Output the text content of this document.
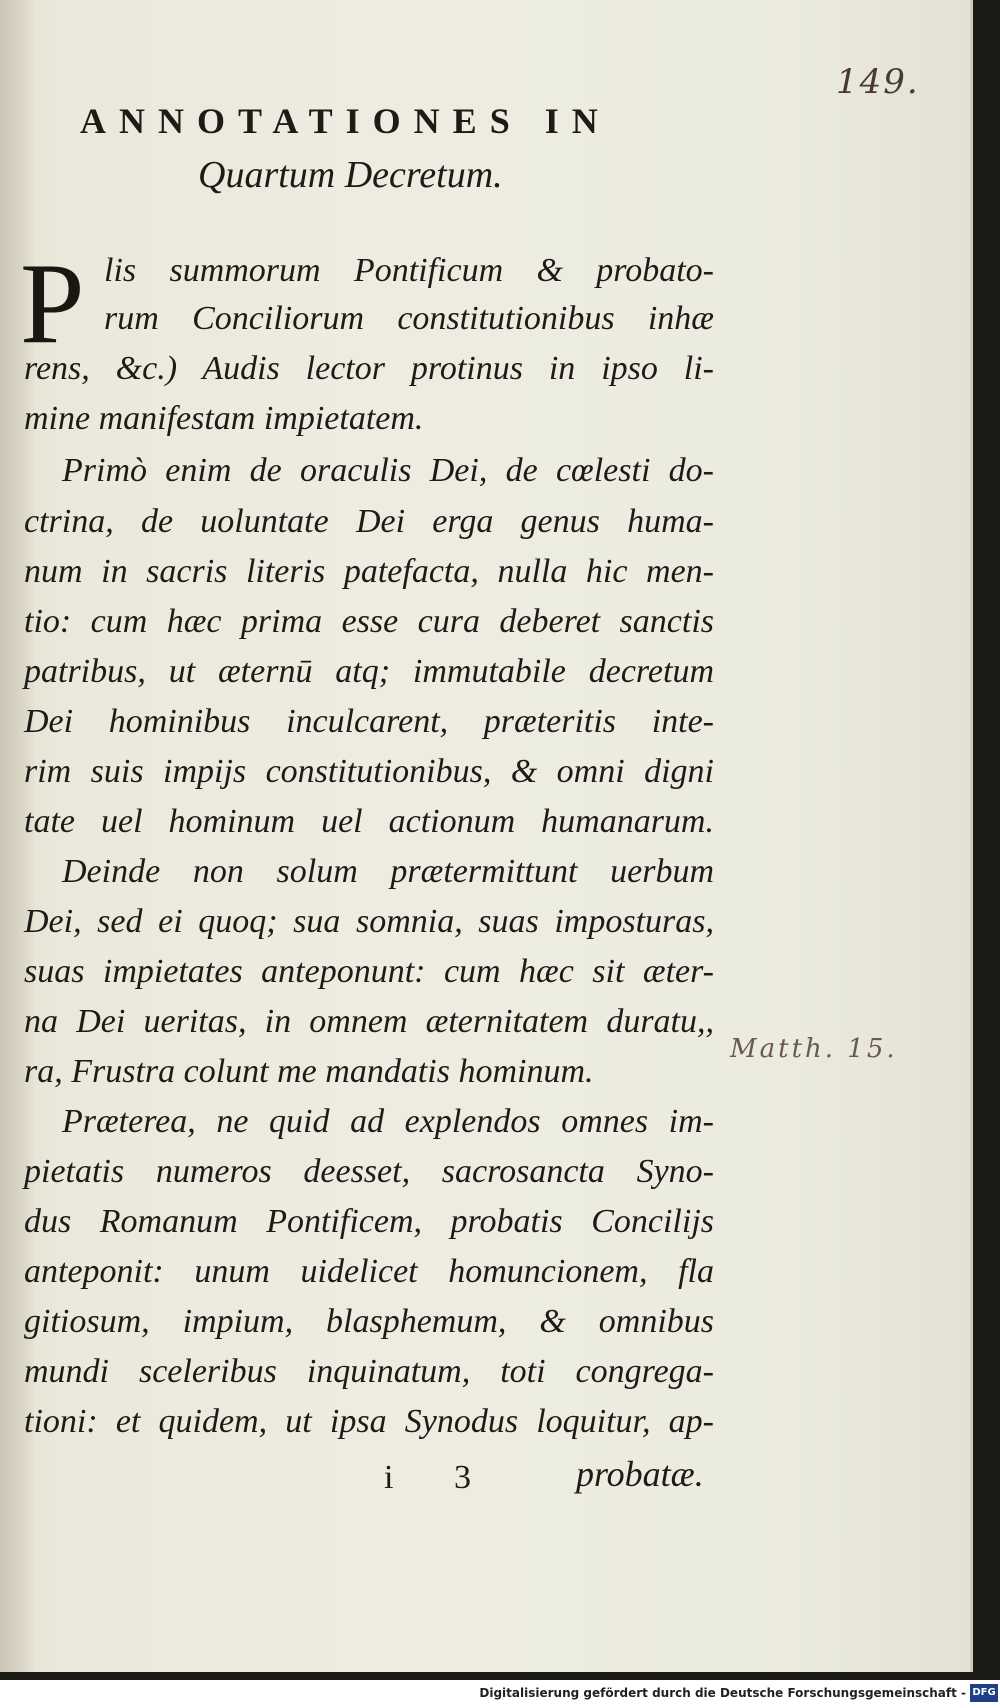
149.
ANNOTATIONES IN
Quartum Decretum.
P lis summorum Pontificum & probato-
rum Conciliorum constitutionibus inhæ
rens, &c.) Audis lector protinus in ipso li-
mine manifestam impietatem.
Primò enim de oraculis Dei, de cœlesti do-
ctrina, de uoluntate Dei erga genus huma-
num in sacris literis patefacta, nulla hic men-
tio: cum hæc prima esse cura deberet sanctis
patribus, ut æternū atq; immutabile decretum
Dei hominibus inculcarent, præteritis inte-
rim suis impijs constitutionibus, & omni digni
tate uel hominum uel actionum humanarum.
Deinde non solum prætermittunt uerbum
Dei, sed ei quoq; sua somnia, suas imposturas,
suas impietates anteponunt: cum hæc sit æter-
na Dei ueritas, in omnem æternitatem duratu,,
ra, Frustra colunt me mandatis hominum.
Præterea, ne quid ad explendos omnes im-
pietatis numeros deesset, sacrosancta Syno-
dus Romanum Pontificem, probatis Concilijs
anteponit: unum uidelicet homuncionem, fla
gitiosum, impium, blasphemum, & omnibus
mundi sceleribus inquinatum, toti congrega-
tioni: et quidem, ut ipsa Synodus loquitur, ap-
Matth. 15.
i 3	probatæ.
Digitalisierung gefördert durch die Deutsche Forschungsgemeinschaft - DFG
